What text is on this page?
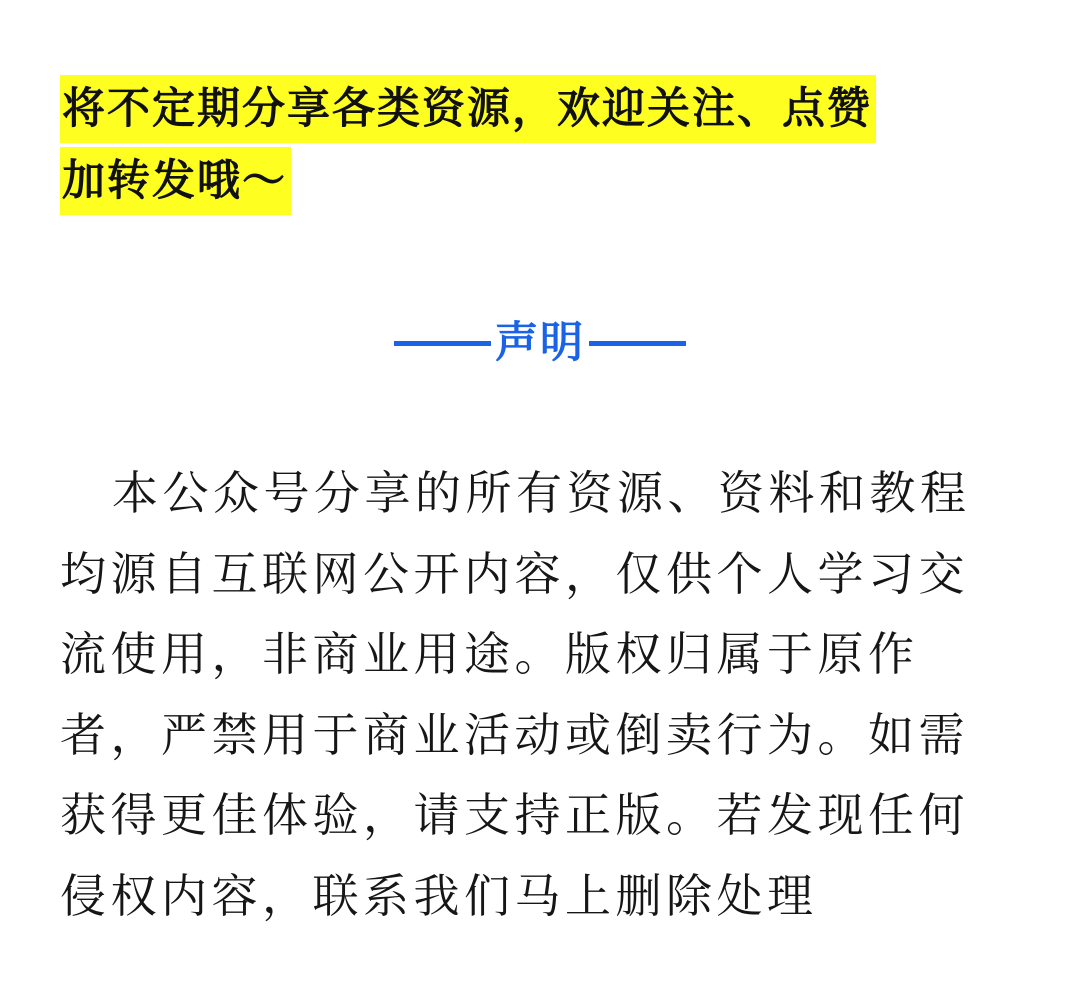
将不定期分享各类资源，欢迎关注、点赞
加转发哦～
声明
本公众号分享的所有资源、资料和教程
均源自互联网公开内容，仅供个人学习交
流使用，非商业用途。版权归属于原作
者，严禁用于商业活动或倒卖行为。如需
获得更佳体验，请支持正版。若发现任何
侵权内容，联系我们马上删除处理
